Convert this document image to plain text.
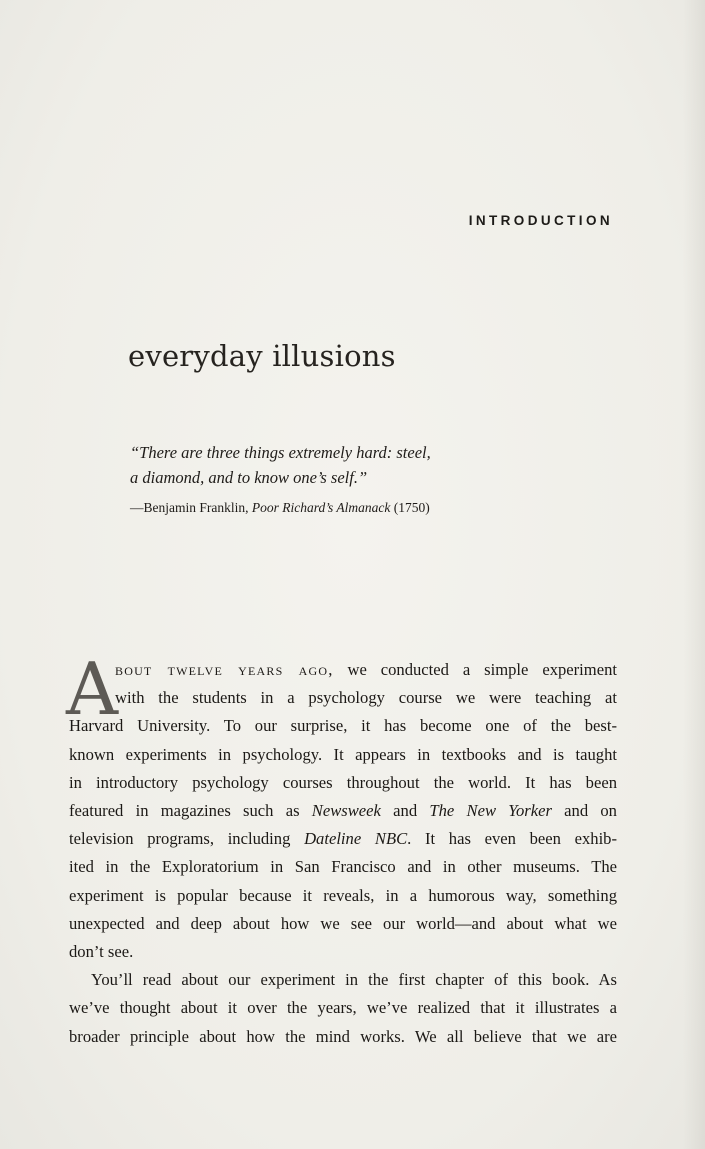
INTRODUCTION
everyday illusions
“There are three things extremely hard: steel,
a diamond, and to know one’s self.”
—Benjamin Franklin, Poor Richard’s Almanack (1750)
A
bout twelve years ago, we conducted a simple experiment
with the students in a psychology course we were teaching at
Harvard University. To our surprise, it has become one of the best-
known experiments in psychology. It appears in textbooks and is taught
in introductory psychology courses throughout the world. It has been
featured in magazines such as Newsweek and The New Yorker and on
television programs, including Dateline NBC. It has even been exhib-
ited in the Exploratorium in San Francisco and in other museums. The
experiment is popular because it reveals, in a humorous way, something
unexpected and deep about how we see our world—and about what we
don’t see.
You’ll read about our experiment in the first chapter of this book. As
we’ve thought about it over the years, we’ve realized that it illustrates a
broader principle about how the mind works. We all believe that we are
